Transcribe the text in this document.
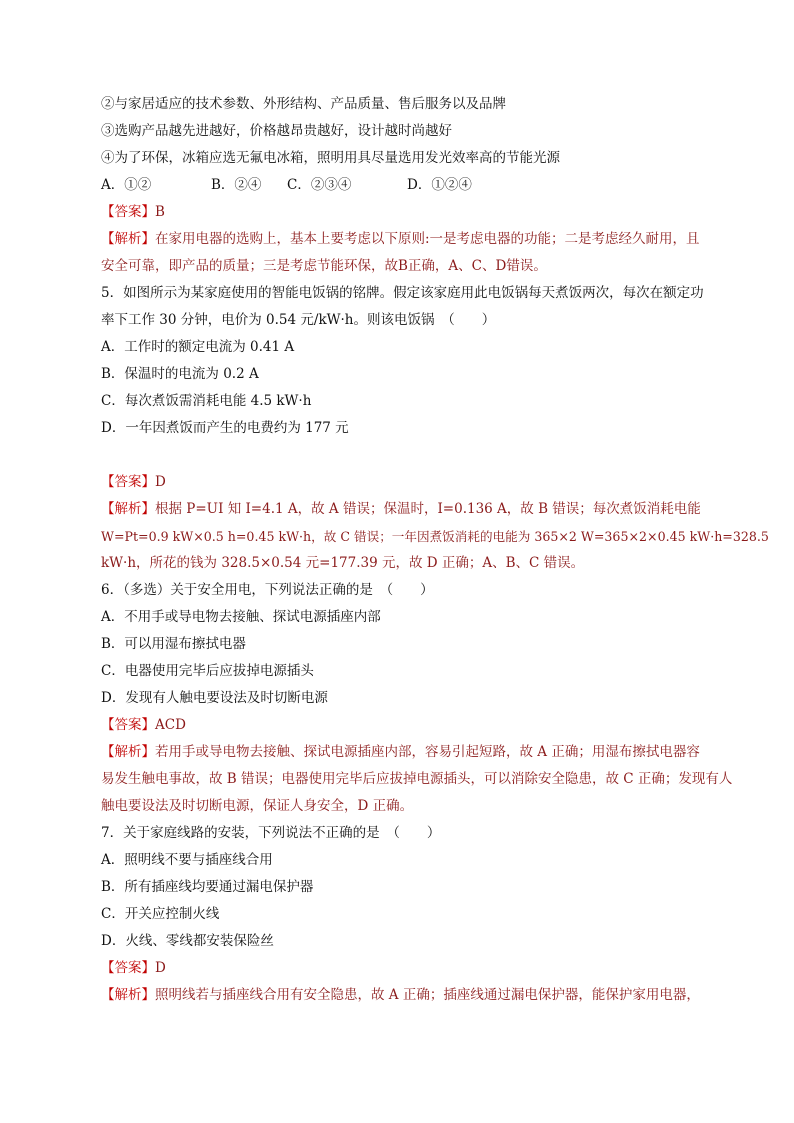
②与家居适应的技术参数、外形结构、产品质量、售后服务以及品牌
③选购产品越先进越好，价格越昂贵越好，设计越时尚越好
④为了环保，冰箱应选无氟电冰箱，照明用具尽量选用发光效率高的节能光源
A．①②	B．②④ C．②③④	D．①②④
【答案】B
【解析】在家用电器的选购上，基本上要考虑以下原则:一是考虑电器的功能；二是考虑经久耐用，且
安全可靠，即产品的质量；三是考虑节能环保，故B正确，A、C、D错误。
5．如图所示为某家庭使用的智能电饭锅的铭牌。假定该家庭用此电饭锅每天煮饭两次，每次在额定功
率下工作 30 分钟，电价为 0.54 元/kW·h。则该电饭锅　（　　）
A．工作时的额定电流为 0.41 A
B．保温时的电流为 0.2 A
C．每次煮饭需消耗电能 4.5 kW·h
D．一年因煮饭而产生的电费约为 177 元
【答案】D
【解析】根据 P=UI 知 I=4.1 A，故 A 错误；保温时，I=0.136 A，故 B 错误；每次煮饭消耗电能
W=Pt=0.9 kW×0.5 h=0.45 kW·h，故 C 错误；一年因煮饭消耗的电能为 365×2 W=365×2×0.45 kW·h=328.5
kW·h，所花的钱为 328.5×0.54 元=177.39 元，故 D 正确；A、B、C 错误。
6．（多选）关于安全用电，下列说法正确的是　（　　）
A．不用手或导电物去接触、探试电源插座内部
B．可以用湿布擦拭电器
C．电器使用完毕后应拔掉电源插头
D．发现有人触电要设法及时切断电源
【答案】ACD
【解析】若用手或导电物去接触、探试电源插座内部，容易引起短路，故 A 正确；用湿布擦拭电器容
易发生触电事故，故 B 错误；电器使用完毕后应拔掉电源插头，可以消除安全隐患，故 C 正确；发现有人
触电要设法及时切断电源，保证人身安全，D 正确。
7．关于家庭线路的安装，下列说法不正确的是　（　　）
A．照明线不要与插座线合用
B．所有插座线均要通过漏电保护器
C．开关应控制火线
D．火线、零线都安装保险丝
【答案】D
【解析】照明线若与插座线合用有安全隐患，故 A 正确；插座线通过漏电保护器，能保护家用电器，
